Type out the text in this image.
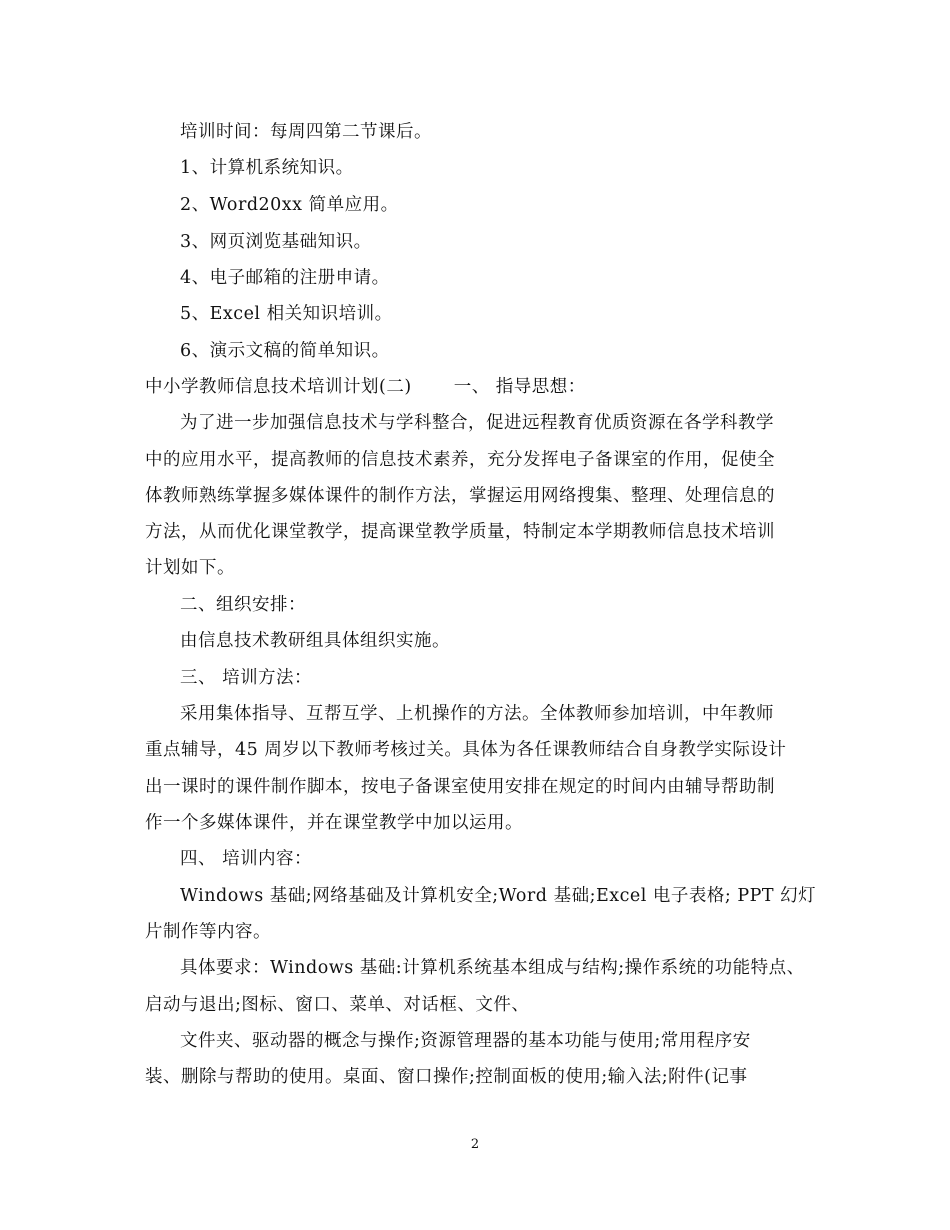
培训时间：每周四第二节课后。
1、计算机系统知识。
2、Word20xx 简单应用。
3、网页浏览基础知识。
4、电子邮箱的注册申请。
5、Excel 相关知识培训。
6、演示文稿的简单知识。
中小学教师信息技术培训计划(二)　　 一、 指导思想：
为了进一步加强信息技术与学科整合，促进远程教育优质资源在各学科教学
中的应用水平，提高教师的信息技术素养，充分发挥电子备课室的作用，促使全
体教师熟练掌握多媒体课件的制作方法，掌握运用网络搜集、整理、处理信息的
方法，从而优化课堂教学，提高课堂教学质量，特制定本学期教师信息技术培训
计划如下。
二、组织安排：
由信息技术教研组具体组织实施。
三、 培训方法：
采用集体指导、互帮互学、上机操作的方法。全体教师参加培训，中年教师
重点辅导，45 周岁以下教师考核过关。具体为各任课教师结合自身教学实际设计
出一课时的课件制作脚本，按电子备课室使用安排在规定的时间内由辅导帮助制
作一个多媒体课件，并在课堂教学中加以运用。
四、 培训内容：
Windows 基础;网络基础及计算机安全;Word 基础;Excel 电子表格; PPT 幻灯
片制作等内容。
具体要求：Windows 基础:计算机系统基本组成与结构;操作系统的功能特点、
启动与退出;图标、窗口、菜单、对话框、文件、
文件夹、驱动器的概念与操作;资源管理器的基本功能与使用;常用程序安
装、删除与帮助的使用。桌面、窗口操作;控制面板的使用;输入法;附件(记事
2
